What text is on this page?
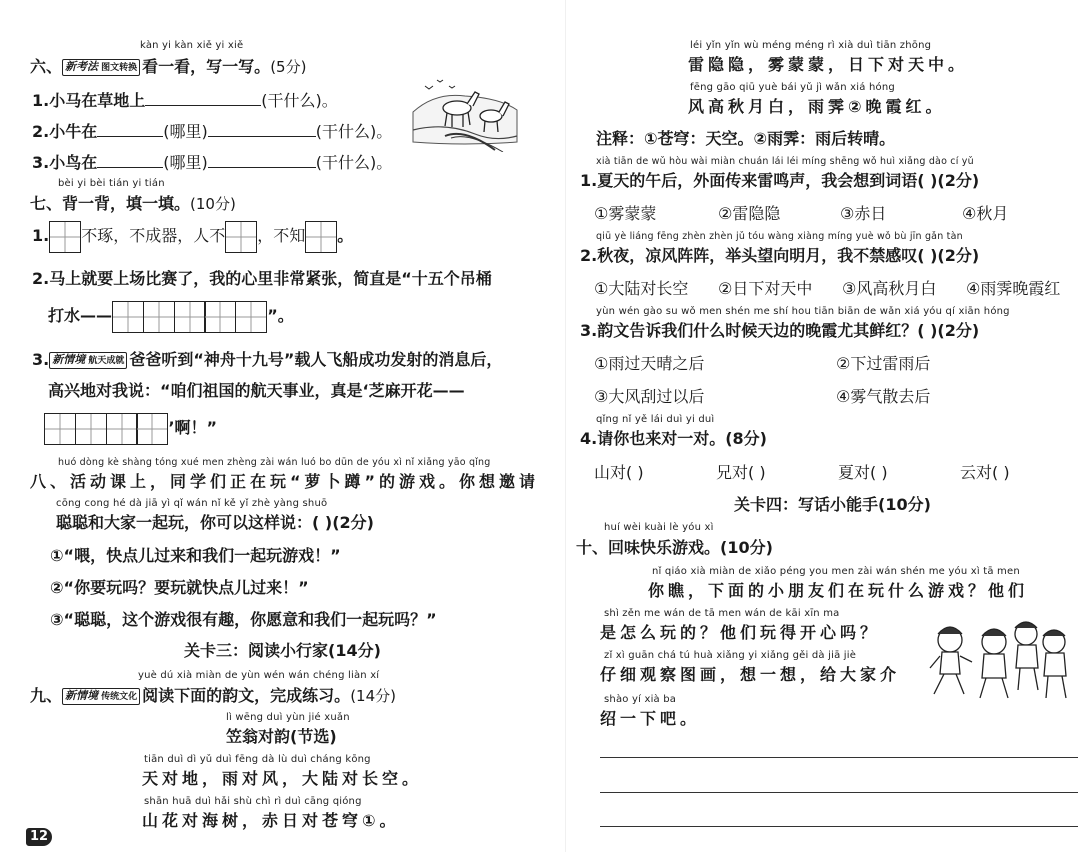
kàn yi kàn xiě yi xiě
六、 新考法 图文转换 看一看，写一写。(5分)
1.小马在草地上	(干什么)。
2.小牛在	(哪里)	(干什么)。
3.小鸟在	(哪里)	(干什么)。
bèi yi bèi tián yi tián
七、背一背，填一填。(10分)
1. 不琢，不成器，人不 ，不知 。
2.马上就要上场比赛了，我的心里非常紧张，简直是“十五个吊桶
打水——	”。
3. 新情境 航天成就 爸爸听到“神舟十九号”载人飞船成功发射的消息后，
高兴地对我说：“咱们祖国的航天事业，真是‘芝麻开花——
’啊！”
huó dòng kè shàng tóng xué men zhèng zài wán luó bo dūn de yóu xì nǐ xiǎng yāo qǐng
八、活动课上，同学们正在玩“萝卜蹲”的游戏。你想邀请
cōng cong hé dà jiā yì qǐ wán nǐ kě yǐ zhè yàng shuō
聪聪和大家一起玩，你可以这样说：( )(2分)
①“喂，快点儿过来和我们一起玩游戏！”
②“你要玩吗？要玩就快点儿过来！”
③“聪聪，这个游戏很有趣，你愿意和我们一起玩吗？”
关卡三：阅读小行家(14分)
yuè dú xià miàn de yùn wén wán chéng liàn xí
九、 新情境 传统文化 阅读下面的韵文，完成练习。(14分)
lì wēng duì yùn jié xuǎn
笠翁对韵(节选)
tiān duì dì yǔ duì fēng dà lù duì cháng kōng
天对地，雨对风，大陆对长空。
shān huā duì hǎi shù chì rì duì cāng qióng
山花对海树，赤日对苍穹①。
12
léi yǐn yǐn wù méng méng rì xià duì tiān zhōng
雷隐隐，雾蒙蒙，日下对天中。
fēng gāo qiū yuè bái yǔ jì wǎn xiá hóng
风高秋月白，雨霁②晚霞红。
注释：①苍穹：天空。②雨霁：雨后转晴。
xià tiān de wǔ hòu wài miàn chuán lái léi míng shēng wǒ huì xiǎng dào cí yǔ
1.夏天的午后，外面传来雷鸣声，我会想到词语( )(2分)
①雾蒙蒙	②雷隐隐	③赤日	④秋月
qiū yè liáng fēng zhèn zhèn jǔ tóu wàng xiàng míng yuè wǒ bù jīn gǎn tàn
2.秋夜，凉风阵阵，举头望向明月，我不禁感叹( )(2分)
①大陆对长空 ②日下对天中 ③风高秋月白 ④雨霁晚霞红
yùn wén gào su wǒ men shén me shí hou tiān biān de wǎn xiá yóu qí xiān hóng
3.韵文告诉我们什么时候天边的晚霞尤其鲜红？( )(2分)
①雨过天晴之后	②下过雷雨后
③大风刮过以后	④雾气散去后
qǐng nǐ yě lái duì yi duì
4.请你也来对一对。(8分)
山对( )	兄对( )	夏对( )	云对( )
关卡四：写话小能手(10分)
huí wèi kuài lè yóu xì
十、回味快乐游戏。(10分)
nǐ qiáo xià miàn de xiǎo péng you men zài wán shén me yóu xì tā men
你瞧，下面的小朋友们在玩什么游戏？他们
shì zěn me wán de tā men wán de kāi xīn ma
是怎么玩的？他们玩得开心吗？
zǐ xì guān chá tú huà xiǎng yi xiǎng gěi dà jiā jiè
仔细观察图画，想一想，给大家介
shào yí xià ba
绍一下吧。
